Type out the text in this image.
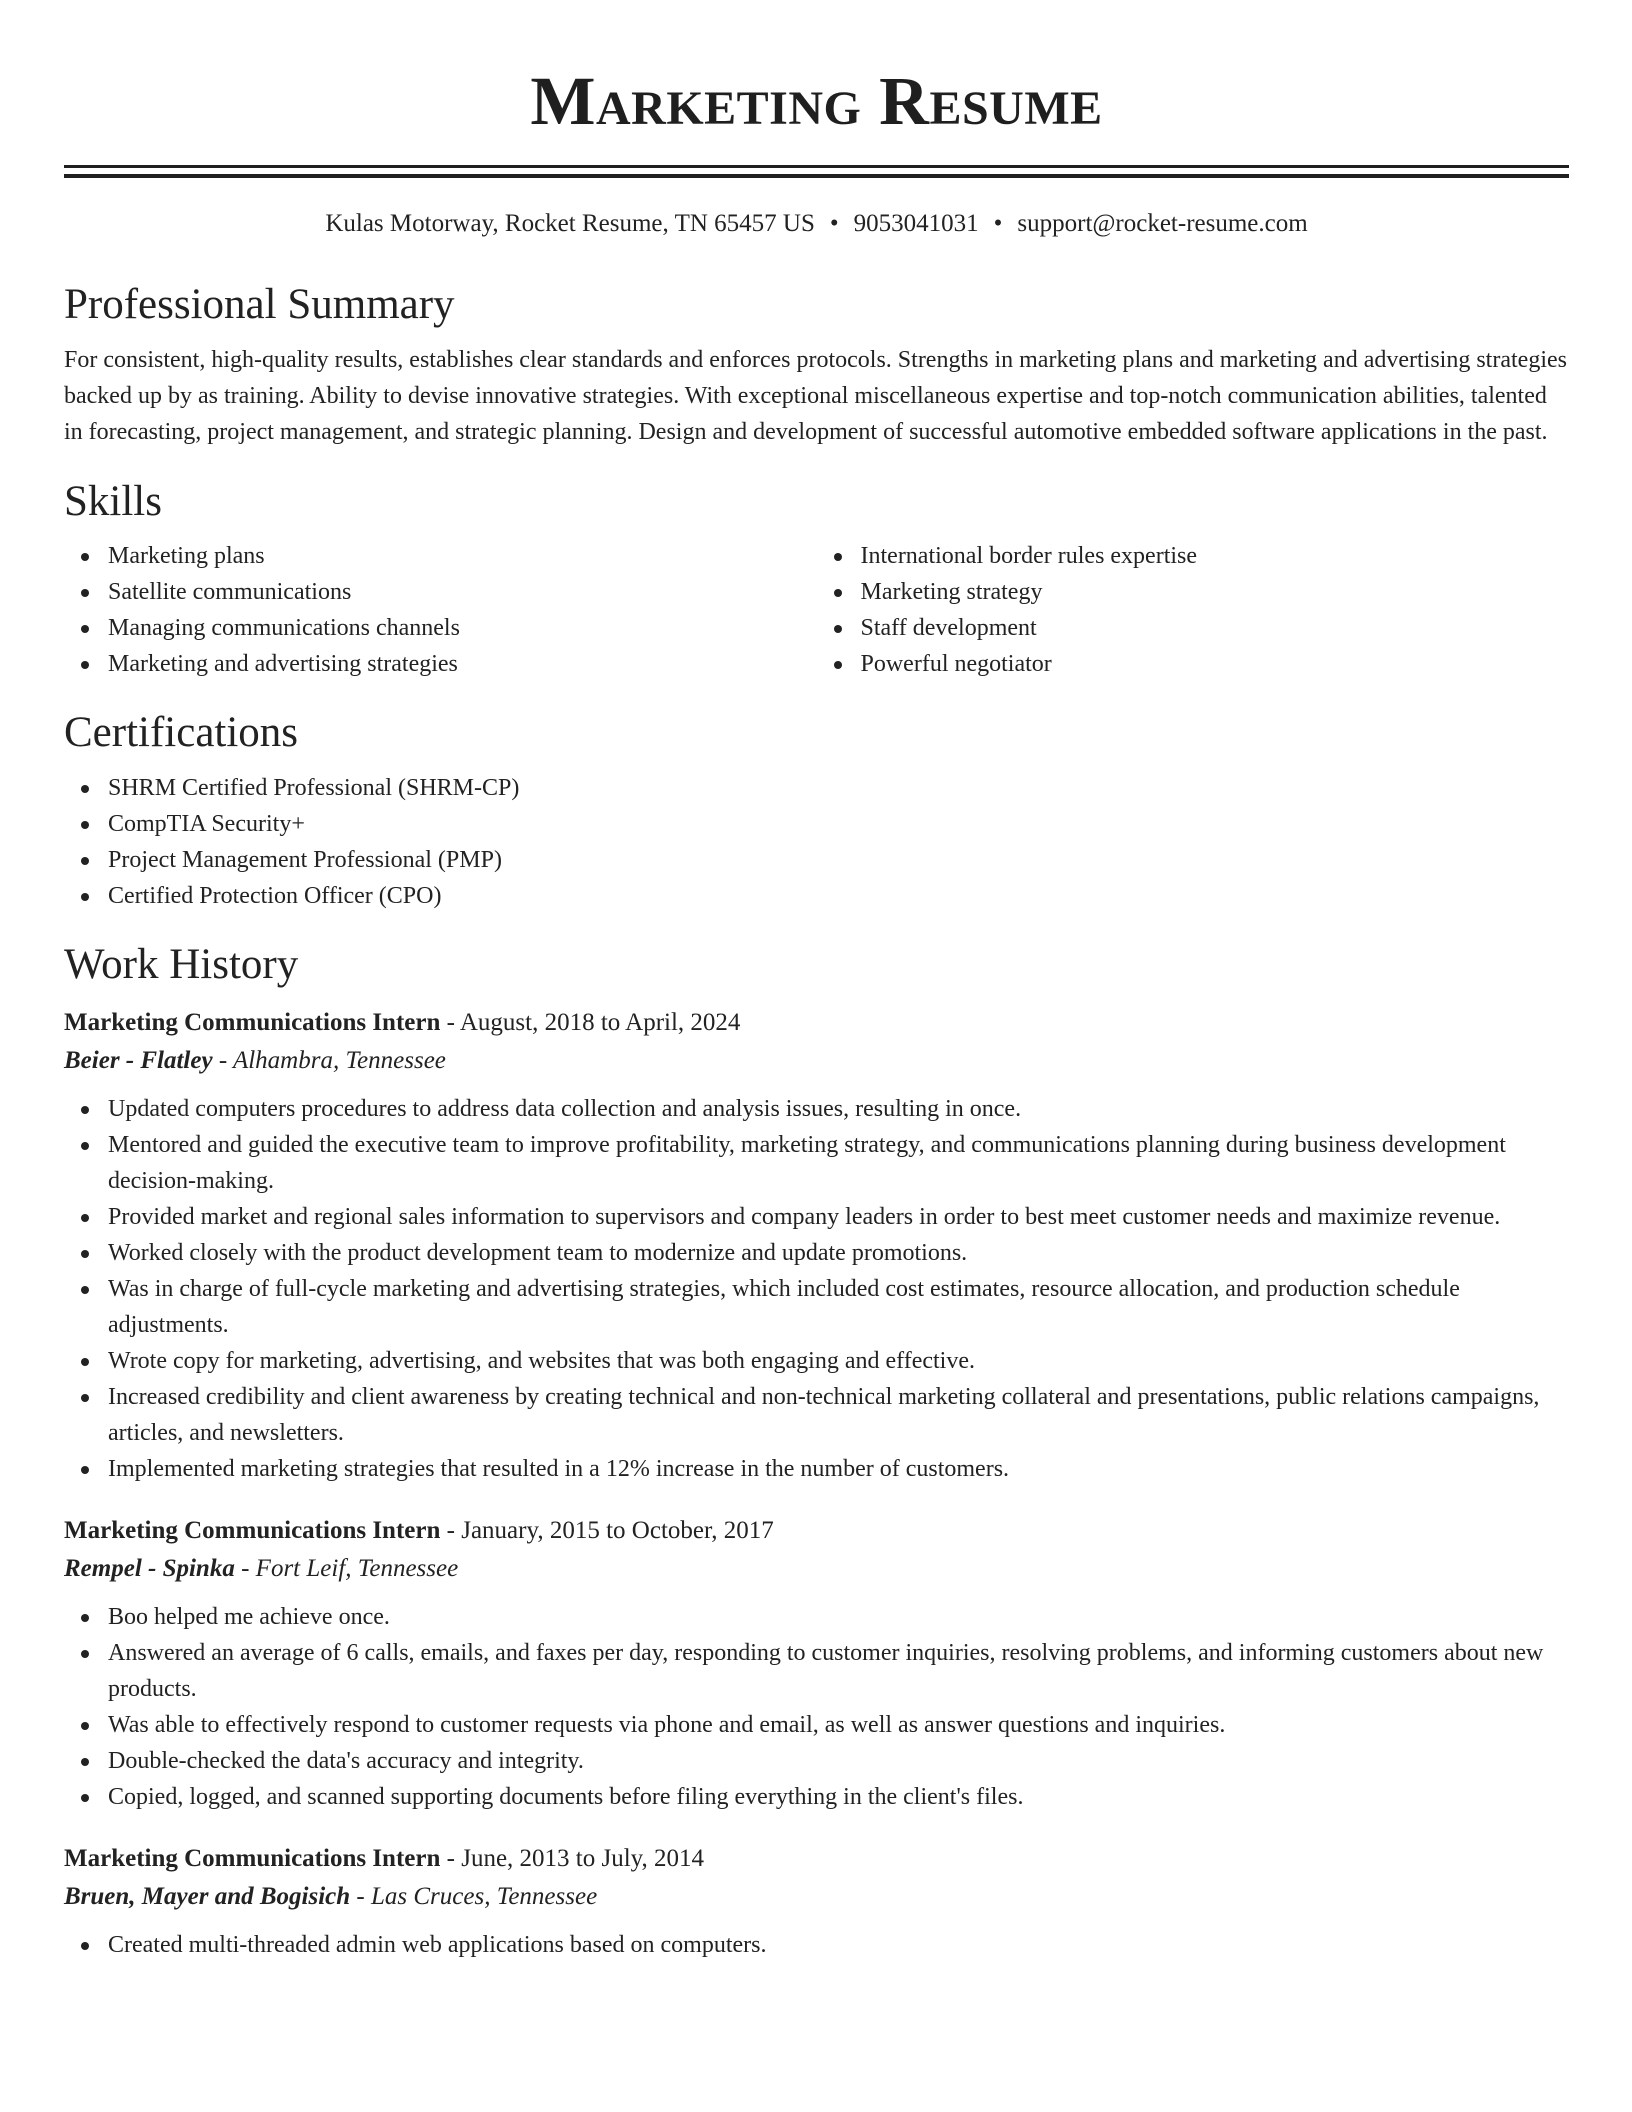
Marketing Resume
Kulas Motorway, Rocket Resume, TN 65457 US • 9053041031 • support@rocket-resume.com
Professional Summary

For consistent, high-quality results, establishes clear standards and enforces protocols. Strengths in marketing plans and marketing and advertising strategies backed up by as training. Ability to devise innovative strategies. With exceptional miscellaneous expertise and top-notch communication abilities, talented in forecasting, project management, and strategic planning. Design and development of successful automotive embedded software applications in the past.

Skills
Marketing plans
Satellite communications
Managing communications channels
Marketing and advertising strategies
International border rules expertise
Marketing strategy
Staff development
Powerful negotiator
Certifications
SHRM Certified Professional (SHRM-CP)
CompTIA Security+
Project Management Professional (PMP)
Certified Protection Officer (CPO)
Work History
Marketing Communications Intern - August, 2018 to April, 2024
Beier - Flatley - Alhambra, Tennessee
Updated computers procedures to address data collection and analysis issues, resulting in once.
Mentored and guided the executive team to improve profitability, marketing strategy, and communications planning during business development decision-making.
Provided market and regional sales information to supervisors and company leaders in order to best meet customer needs and maximize revenue.
Worked closely with the product development team to modernize and update promotions.
Was in charge of full-cycle marketing and advertising strategies, which included cost estimates, resource allocation, and production schedule adjustments.
Wrote copy for marketing, advertising, and websites that was both engaging and effective.
Increased credibility and client awareness by creating technical and non-technical marketing collateral and presentations, public relations campaigns, articles, and newsletters.
Implemented marketing strategies that resulted in a 12% increase in the number of customers.
Marketing Communications Intern - January, 2015 to October, 2017
Rempel - Spinka - Fort Leif, Tennessee
Boo helped me achieve once.
Answered an average of 6 calls, emails, and faxes per day, responding to customer inquiries, resolving problems, and informing customers about new products.
Was able to effectively respond to customer requests via phone and email, as well as answer questions and inquiries.
Double-checked the data's accuracy and integrity.
Copied, logged, and scanned supporting documents before filing everything in the client's files.
Marketing Communications Intern - June, 2013 to July, 2014
Bruen, Mayer and Bogisich - Las Cruces, Tennessee
Created multi-threaded admin web applications based on computers.
